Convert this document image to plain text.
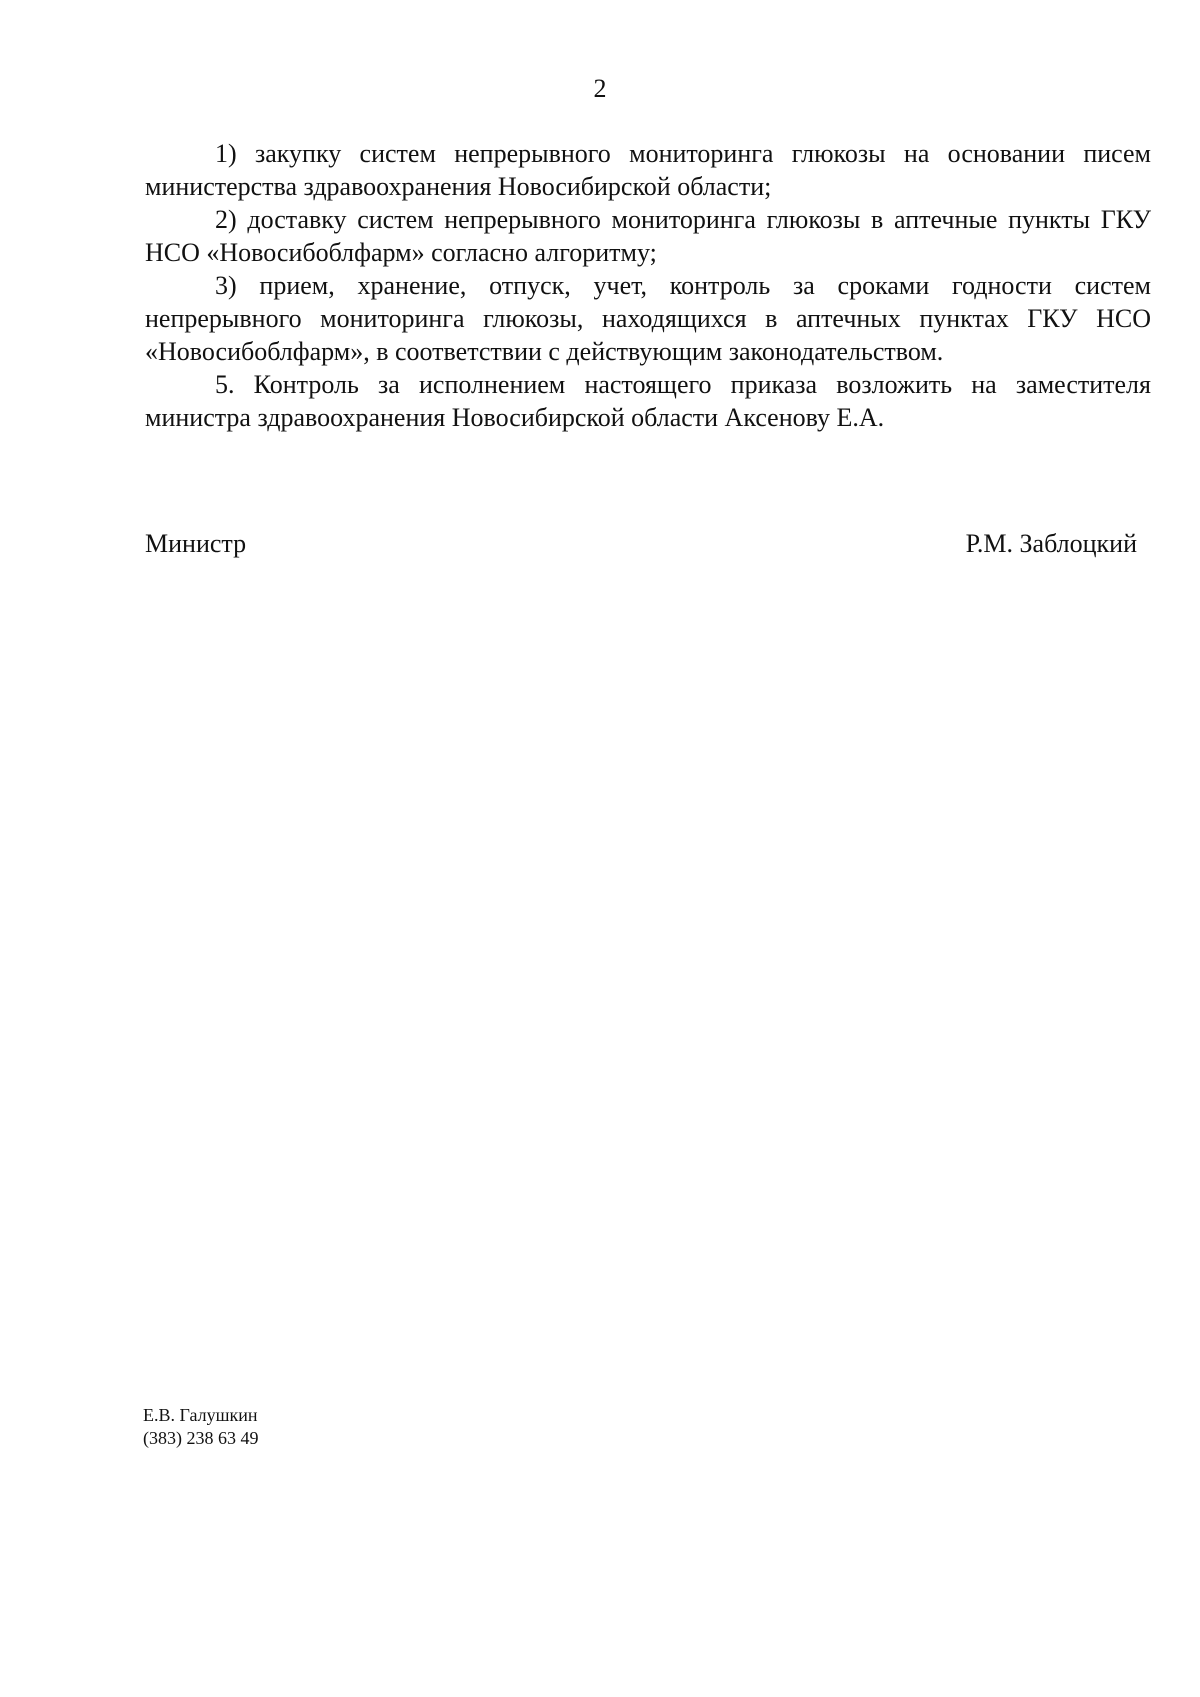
2

1) закупку систем непрерывного мониторинга глюкозы на основании писем министерства здравоохранения Новосибирской области;

2) доставку систем непрерывного мониторинга глюкозы в аптечные пункты ГКУ НСО «Новосибоблфарм» согласно алгоритму;

3) прием, хранение, отпуск, учет, контроль за сроками годности систем непрерывного мониторинга глюкозы, находящихся в аптечных пунктах ГКУ НСО «Новосибоблфарм», в соответствии с действующим законодательством.

5. Контроль за исполнением настоящего приказа возложить на заместителя министра здравоохранения Новосибирской области Аксенову Е.А.

Министр	Р.М. Заблоцкий
Е.В. Галушкин
(383) 238 63 49
